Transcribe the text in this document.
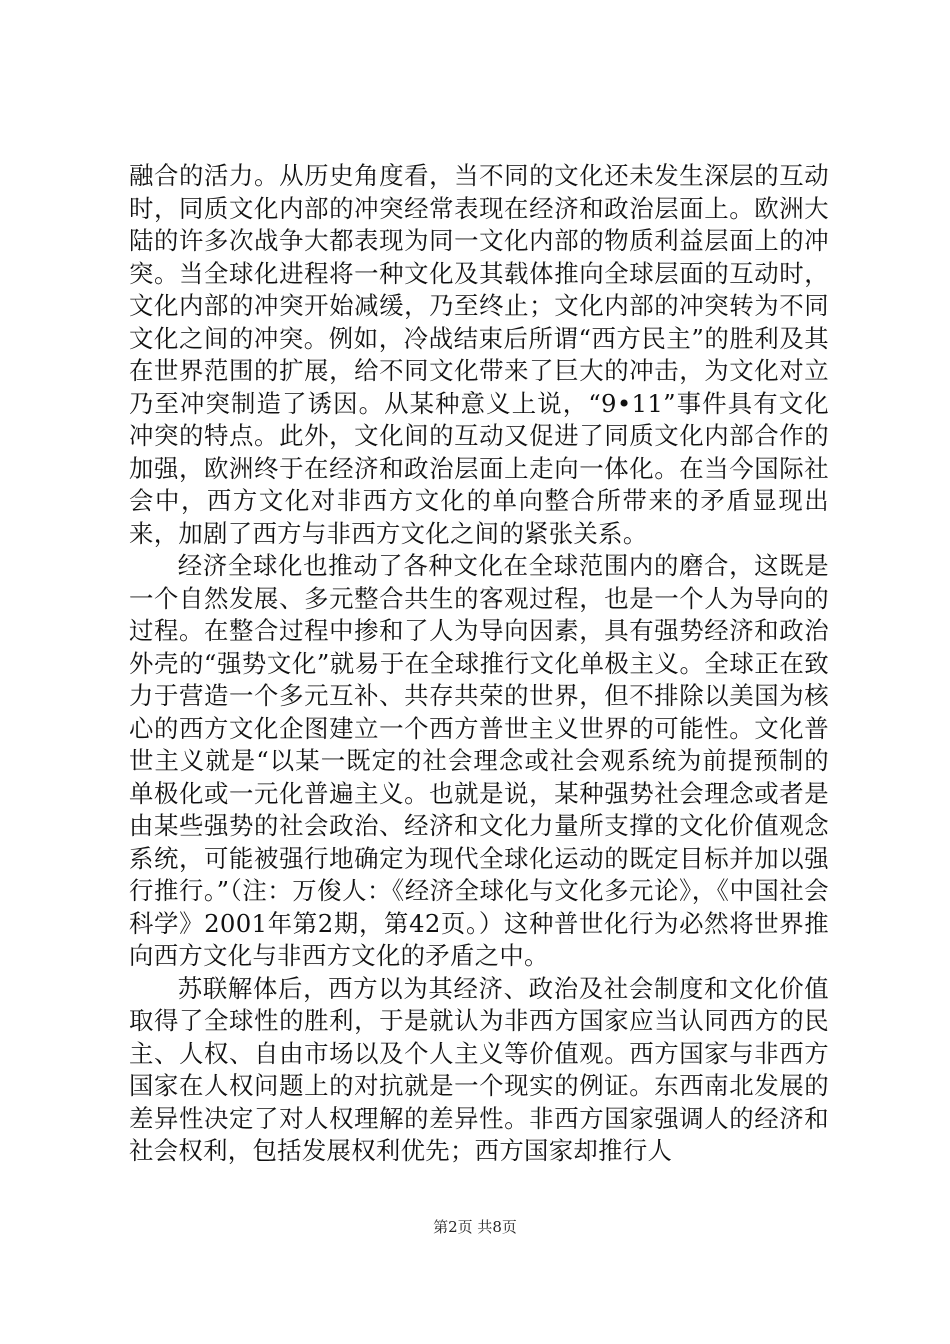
融合的活力。从历史角度看，当不同的文化还未发生深层的互动时，同质文化内部的冲突经常表现在经济和政治层面上。欧洲大陆的许多次战争大都表现为同一文化内部的物质利益层面上的冲突。当全球化进程将一种文化及其载体推向全球层面的互动时，文化内部的冲突开始减缓，乃至终止；文化内部的冲突转为不同文化之间的冲突。例如，冷战结束后所谓“西方民主”的胜利及其在世界范围的扩展，给不同文化带来了巨大的冲击，为文化对立乃至冲突制造了诱因。从某种意义上说，“9•11”事件具有文化冲突的特点。此外，文化间的互动又促进了同质文化内部合作的加强，欧洲终于在经济和政治层面上走向一体化。在当今国际社会中，西方文化对非西方文化的单向整合所带来的矛盾显现出来，加剧了西方与非西方文化之间的紧张关系。

经济全球化也推动了各种文化在全球范围内的磨合，这既是一个自然发展、多元整合共生的客观过程，也是一个人为导向的过程。在整合过程中掺和了人为导向因素，具有强势经济和政治外壳的“强势文化”就易于在全球推行文化单极主义。全球正在致力于营造一个多元互补、共存共荣的世界，但不排除以美国为核心的西方文化企图建立一个西方普世主义世界的可能性。文化普世主义就是“以某一既定的社会理念或社会观系统为前提预制的单极化或一元化普遍主义。也就是说，某种强势社会理念或者是由某些强势的社会政治、经济和文化力量所支撑的文化价值观念系统，可能被强行地确定为现代全球化运动的既定目标并加以强行推行。”（注：万俊人：《经济全球化与文化多元论》，《中国社会科学》2001年第2期，第42页。）这种普世化行为必然将世界推向西方文化与非西方文化的矛盾之中。

苏联解体后，西方以为其经济、政治及社会制度和文化价值取得了全球性的胜利，于是就认为非西方国家应当认同西方的民主、人权、自由市场以及个人主义等价值观。西方国家与非西方国家在人权问题上的对抗就是一个现实的例证。东西南北发展的差异性决定了对人权理解的差异性。非西方国家强调人的经济和社会权利，包括发展权利优先；西方国家却推行人

第2页 共8页
